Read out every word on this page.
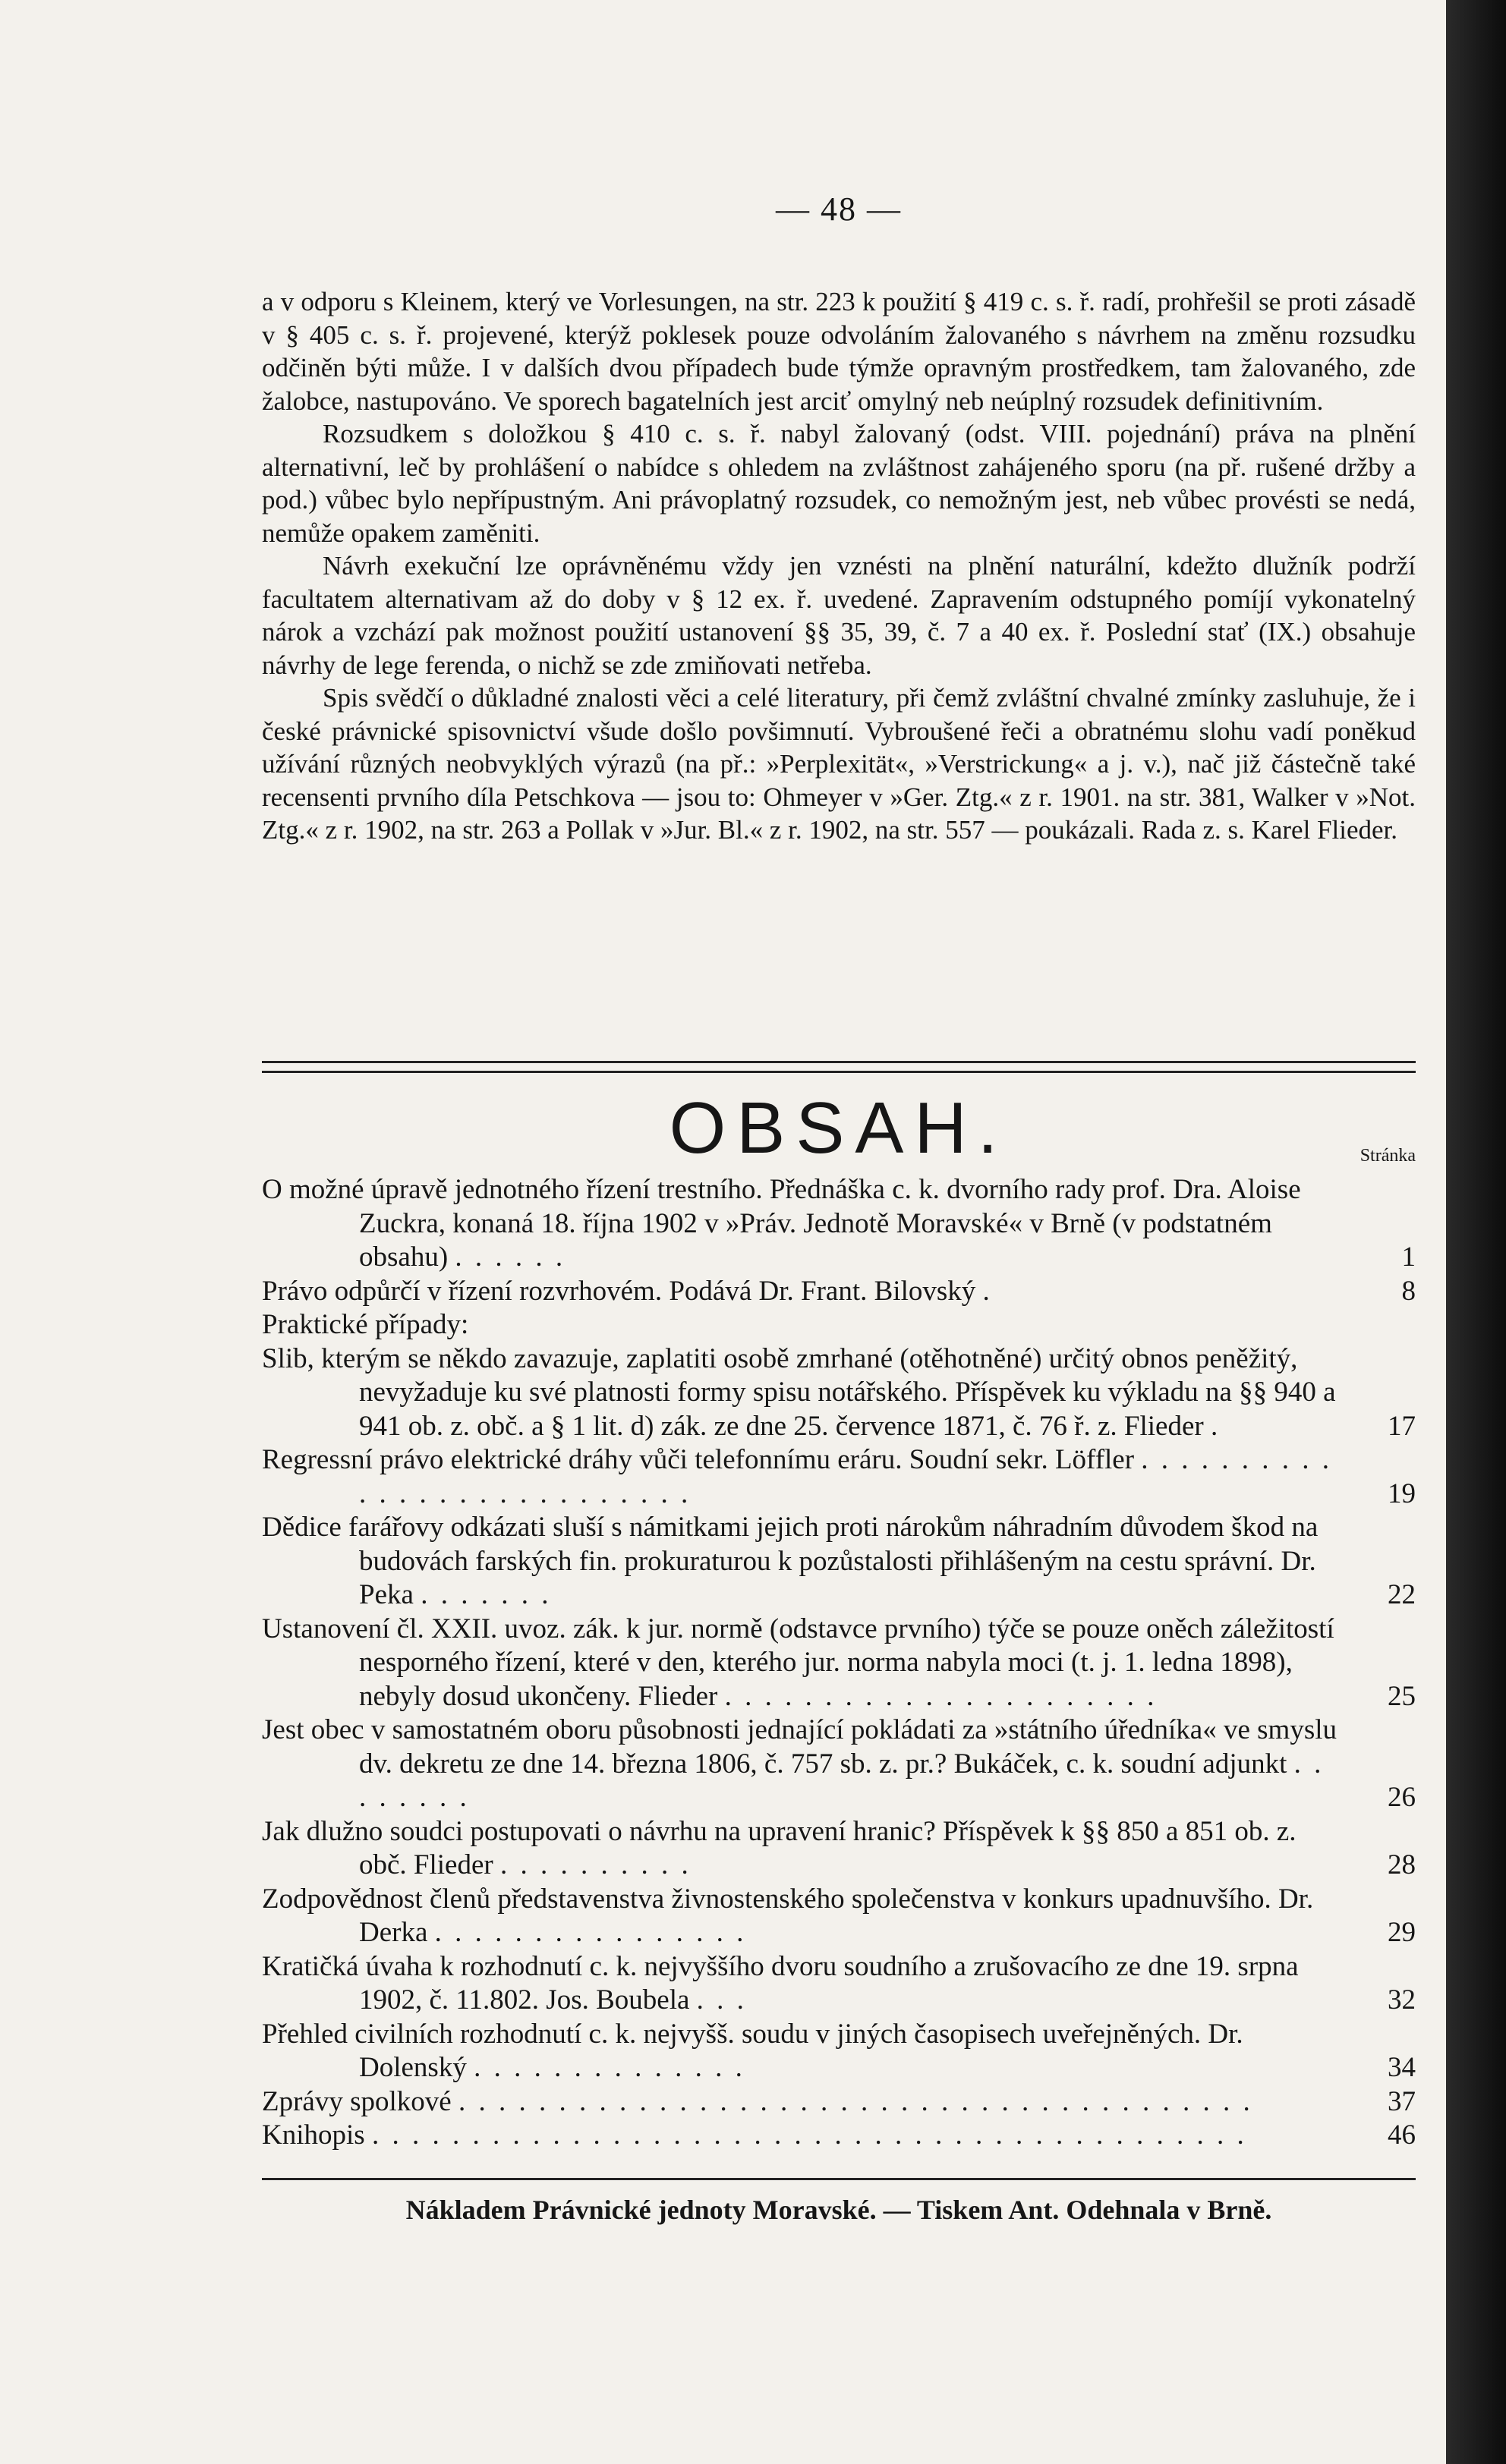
— 48 —

a v odporu s Kleinem, který ve Vorlesungen, na str. 223 k použití § 419 c. s. ř. radí, prohřešil se proti zásadě v § 405 c. s. ř. projevené, kterýž poklesek pouze odvoláním žalovaného s návrhem na změnu rozsudku odčiněn býti může. I v dalších dvou případech bude týmže opravným prostředkem, tam žalovaného, zde žalobce, nastupováno. Ve sporech bagatelních jest arciť omylný neb neúplný rozsudek definitivním.

Rozsudkem s doložkou § 410 c. s. ř. nabyl žalovaný (odst. VIII. pojednání) práva na plnění alternativní, leč by prohlášení o nabídce s ohledem na zvláštnost zahájeného sporu (na př. rušené držby a pod.) vůbec bylo nepřípustným. Ani právoplatný rozsudek, co nemožným jest, neb vůbec provésti se nedá, nemůže opakem zaměniti.

Návrh exekuční lze oprávněnému vždy jen vznésti na plnění naturální, kdežto dlužník podrží facultatem alternativam až do doby v § 12 ex. ř. uvedené. Zapravením odstupného pomíjí vykonatelný nárok a vzchází pak možnost použití ustanovení §§ 35, 39, č. 7 a 40 ex. ř. Poslední stať (IX.) obsahuje návrhy de lege ferenda, o nichž se zde zmiňovati netřeba.

Spis svědčí o důkladné znalosti věci a celé literatury, při čemž zvláštní chvalné zmínky zasluhuje, že i české právnické spisovnictví všude došlo povšimnutí. Vybroušené řeči a obratnému slohu vadí poněkud užívání různých neobvyklých výrazů (na př.: »Perplexität«, »Verstrickung« a j. v.), nač již částečně také recensenti prvního díla Petschkova — jsou to: Ohmeyer v »Ger. Ztg.« z r. 1901. na str. 381, Walker v »Not. Ztg.« z r. 1902, na str. 263 a Pollak v »Jur. Bl.« z r. 1902, na str. 557 — poukázali. Rada z. s. Karel Flieder.

OBSAH.	Stránka
O možné úpravě jednotného řízení trestního. Přednáška c. k. dvorního rady prof. Dra. Aloise Zuckra, konaná 18. října 1902 v »Práv. Jednotě Moravské« v Brně (v podstatném obsahu) . . . . . .	1
Právo odpůrčí v řízení rozvrhovém. Podává Dr. Frant. Bilovský .	8
Praktické případy:
Slib, kterým se někdo zavazuje, zaplatiti osobě zmrhané (otěhotněné) určitý obnos peněžitý, nevyžaduje ku své platnosti formy spisu notářského. Příspěvek ku výkladu na §§ 940 a 941 ob. z. obč. a § 1 lit. d) zák. ze dne 25. července 1871, č. 76 ř. z. Flieder .	17
Regressní právo elektrické dráhy vůči telefonnímu eráru. Soudní sekr. Löffler . . . . . . . . . . . . . . . . . . . . . . . . . . .	19
Dědice farářovy odkázati sluší s námitkami jejich proti nárokům náhradním důvodem škod na budovách farských fin. prokuraturou k pozůstalosti přihlášeným na cestu správní. Dr. Peka . . . . . . .	22
Ustanovení čl. XXII. uvoz. zák. k jur. normě (odstavce prvního) týče se pouze oněch záležitostí nesporného řízení, které v den, kterého jur. norma nabyla moci (t. j. 1. ledna 1898), nebyly dosud ukončeny. Flieder . . . . . . . . . . . . . . . . . . . . . .	25
Jest obec v samostatném oboru působnosti jednající pokládati za »státního úředníka« ve smyslu dv. dekretu ze dne 14. března 1806, č. 757 sb. z. pr.? Bukáček, c. k. soudní adjunkt . . . . . . . .	26
Jak dlužno soudci postupovati o návrhu na upravení hranic? Příspěvek k §§ 850 a 851 ob. z. obč. Flieder . . . . . . . . . .	28
Zodpovědnost členů představenstva živnostenského společenstva v konkurs upadnuvšího. Dr. Derka . . . . . . . . . . . . . . . .	29
Kratičká úvaha k rozhodnutí c. k. nejvyššího dvoru soudního a zrušovacího ze dne 19. srpna 1902, č. 11.802. Jos. Boubela . . .	32
Přehled civilních rozhodnutí c. k. nejvyšš. soudu v jiných časopisech uveřejněných. Dr. Dolenský . . . . . . . . . . . . . .	34
Zprávy spolkové . . . . . . . . . . . . . . . . . . . . . . . . . . . . . . . . . . . . . . . .	37
Knihopis . . . . . . . . . . . . . . . . . . . . . . . . . . . . . . . . . . . . . . . . . . . .	46
Nákladem Právnické jednoty Moravské. — Tiskem Ant. Odehnala v Brně.
